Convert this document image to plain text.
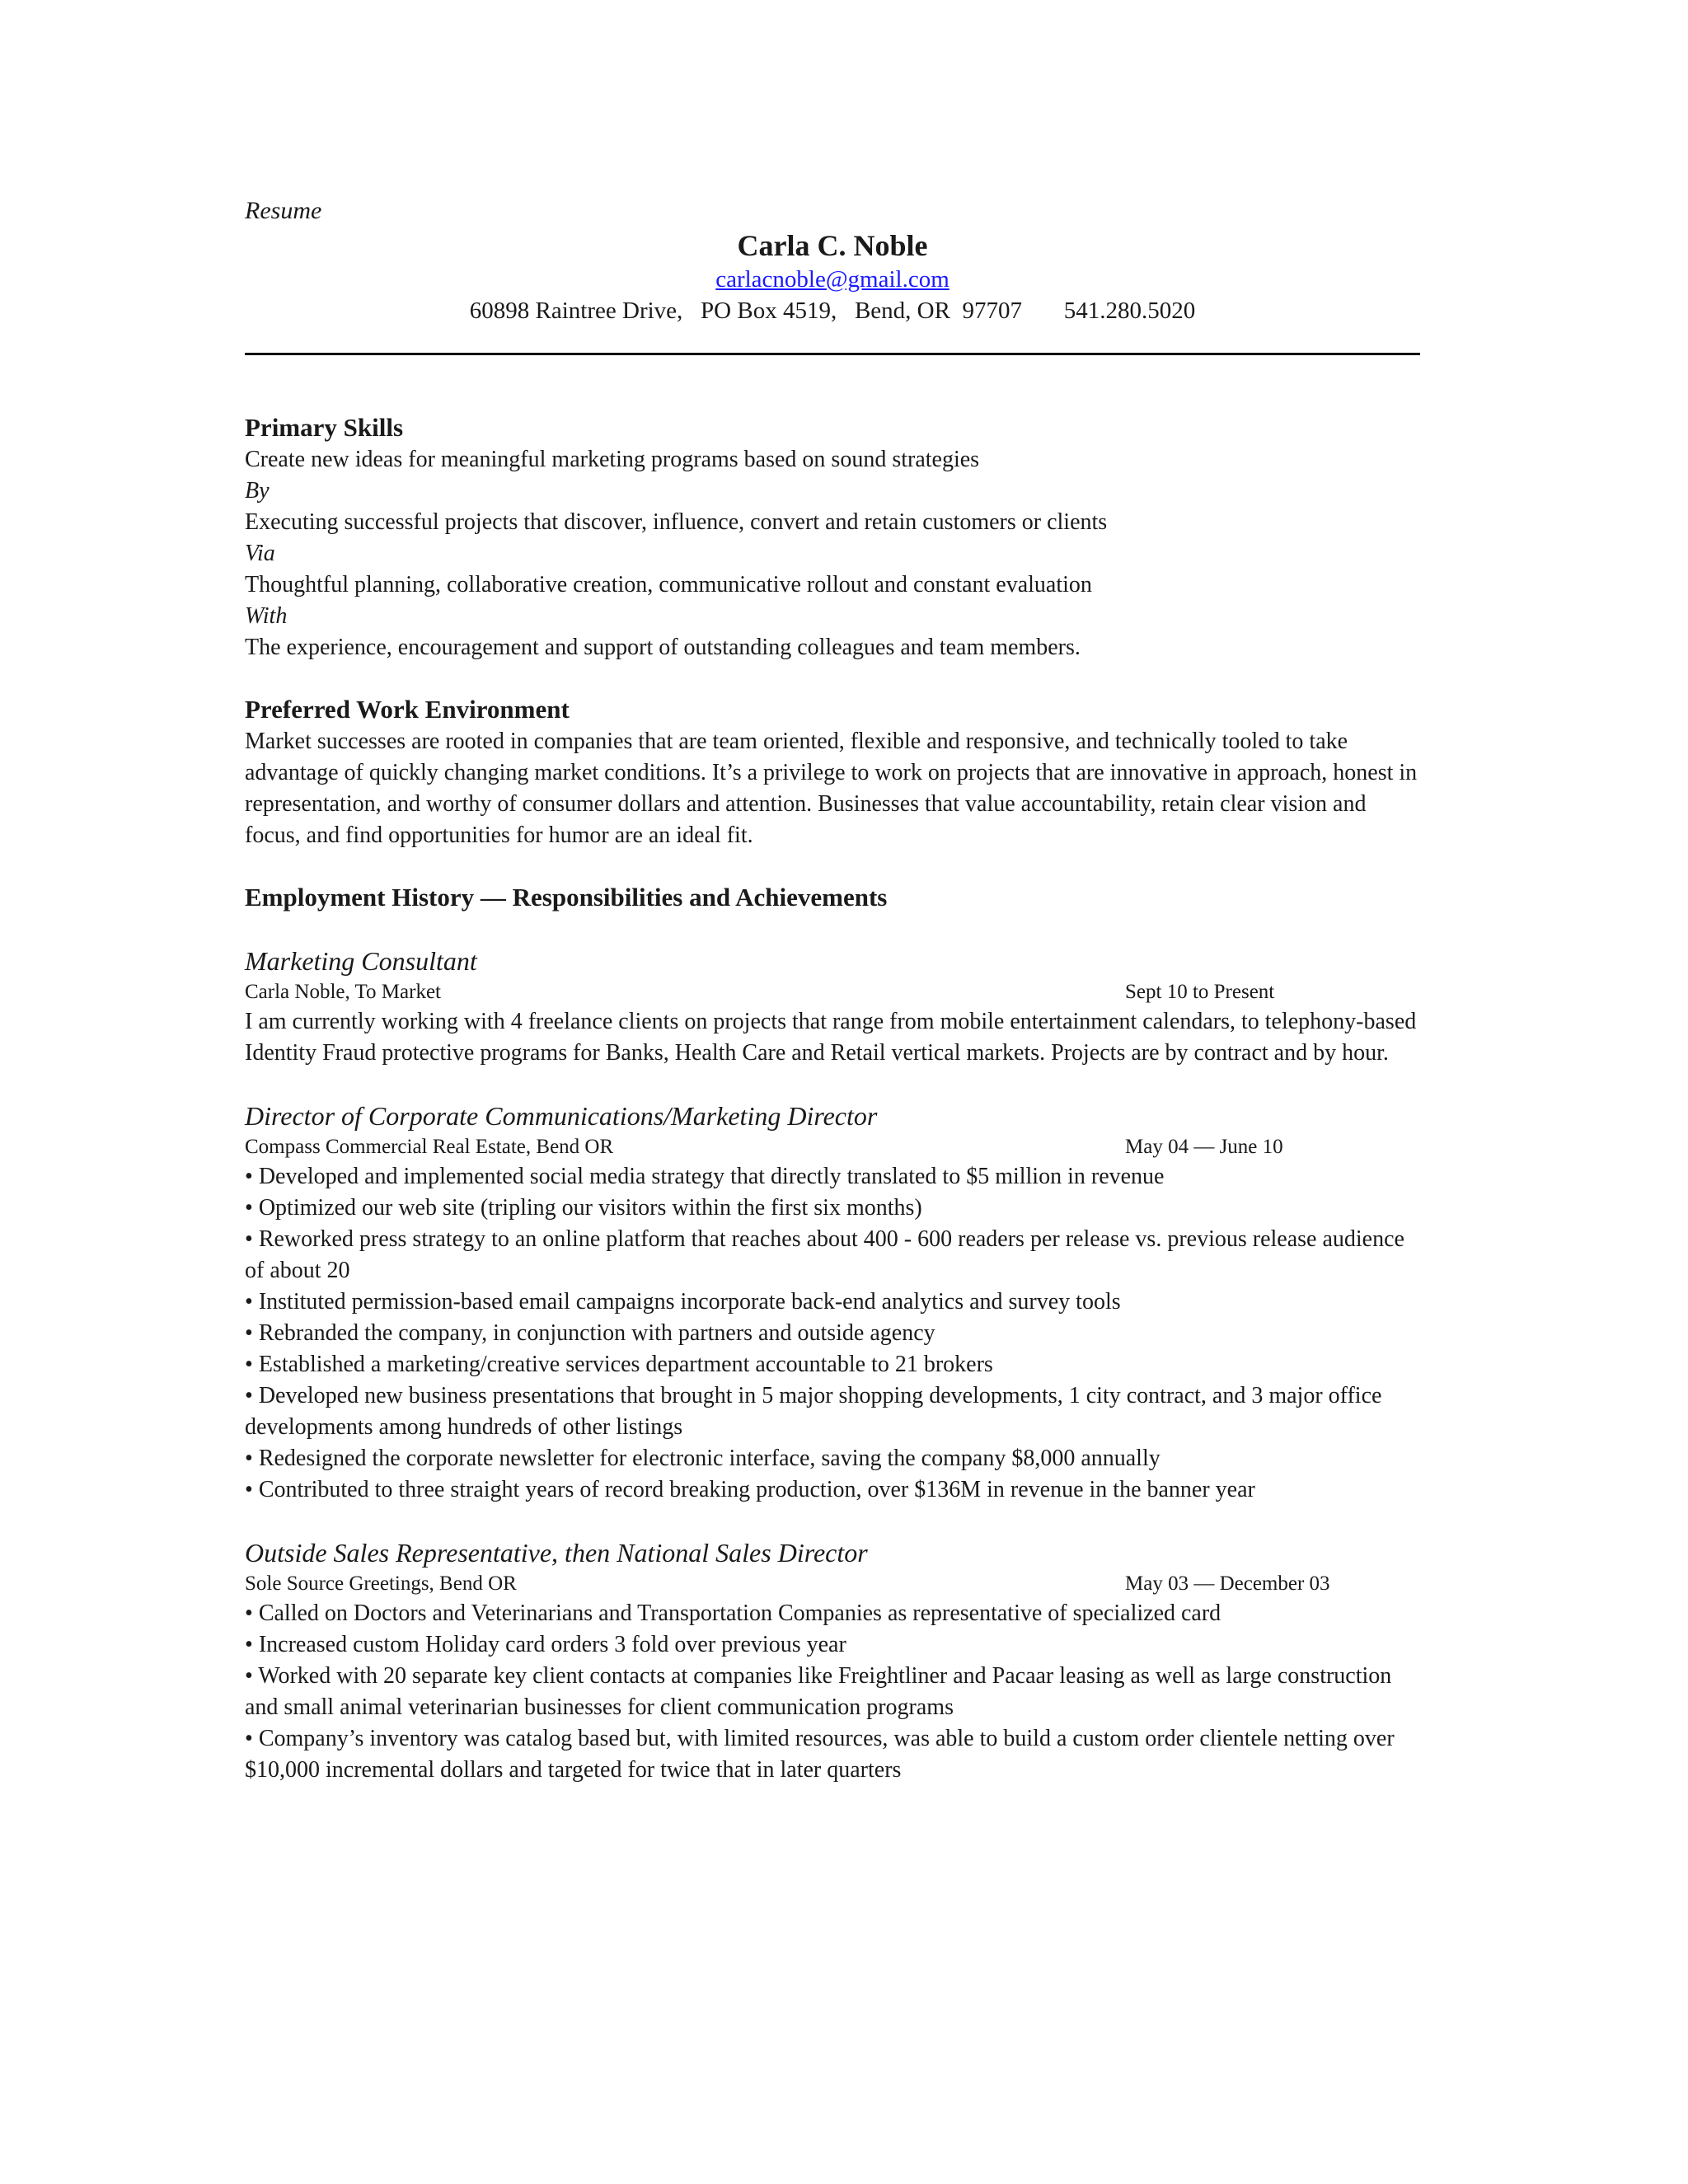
Resume
Carla C. Noble
carlacnoble@gmail.com
60898 Raintree Drive, PO Box 4519, Bend, OR  97707 541.280.5020
Primary Skills
Create new ideas for meaningful marketing programs based on sound strategies
By
Executing successful projects that discover, influence, convert and retain customers or clients
Via
Thoughtful planning, collaborative creation, communicative rollout and constant evaluation
With
The experience, encouragement and support of outstanding colleagues and team members.
Preferred Work Environment

Market successes are rooted in companies that are team oriented, flexible and responsive, and technically tooled to take advantage of quickly changing market conditions. It’s a privilege to work on projects that are innovative in approach, honest in representation, and worthy of consumer dollars and attention. Businesses that value accountability, retain clear vision and focus, and find opportunities for humor are an ideal fit.

Employment History — Responsibilities and Achievements
Marketing Consultant
Carla Noble, To Market	Sept 10 to Present

I am currently working with 4 freelance clients on projects that range from mobile entertainment calendars, to telephony-based Identity Fraud protective programs for Banks, Health Care and Retail vertical markets. Projects are by contract and by hour.

Director of Corporate Communications/Marketing Director
Compass Commercial Real Estate, Bend OR	May 04 — June 10
• Developed and implemented social media strategy that directly translated to $5 million in revenue
• Optimized our web site (tripling our visitors within the first six months)
• Reworked press strategy to an online platform that reaches about 400 - 600 readers per release vs. previous release audience of about 20
• Instituted permission-based email campaigns incorporate back-end analytics and survey tools
• Rebranded the company, in conjunction with partners and outside agency
• Established a marketing/creative services department accountable to 21 brokers
• Developed new business presentations that brought in 5 major shopping developments, 1 city contract, and 3 major office developments among hundreds of other listings
• Redesigned the corporate newsletter for electronic interface, saving the company $8,000 annually
• Contributed to three straight years of record breaking production, over $136M in revenue in the banner year
Outside Sales Representative, then National Sales Director
Sole Source Greetings, Bend OR	May 03 — December 03
• Called on Doctors and Veterinarians and Transportation Companies as representative of specialized card
• Increased custom Holiday card orders 3 fold over previous year
• Worked with 20 separate key client contacts at companies like Freightliner and Pacaar leasing as well as large construction and small animal veterinarian businesses for client communication programs
• Company’s inventory was catalog based but, with limited resources, was able to build a custom order clientele netting over $10,000 incremental dollars and targeted for twice that in later quarters
